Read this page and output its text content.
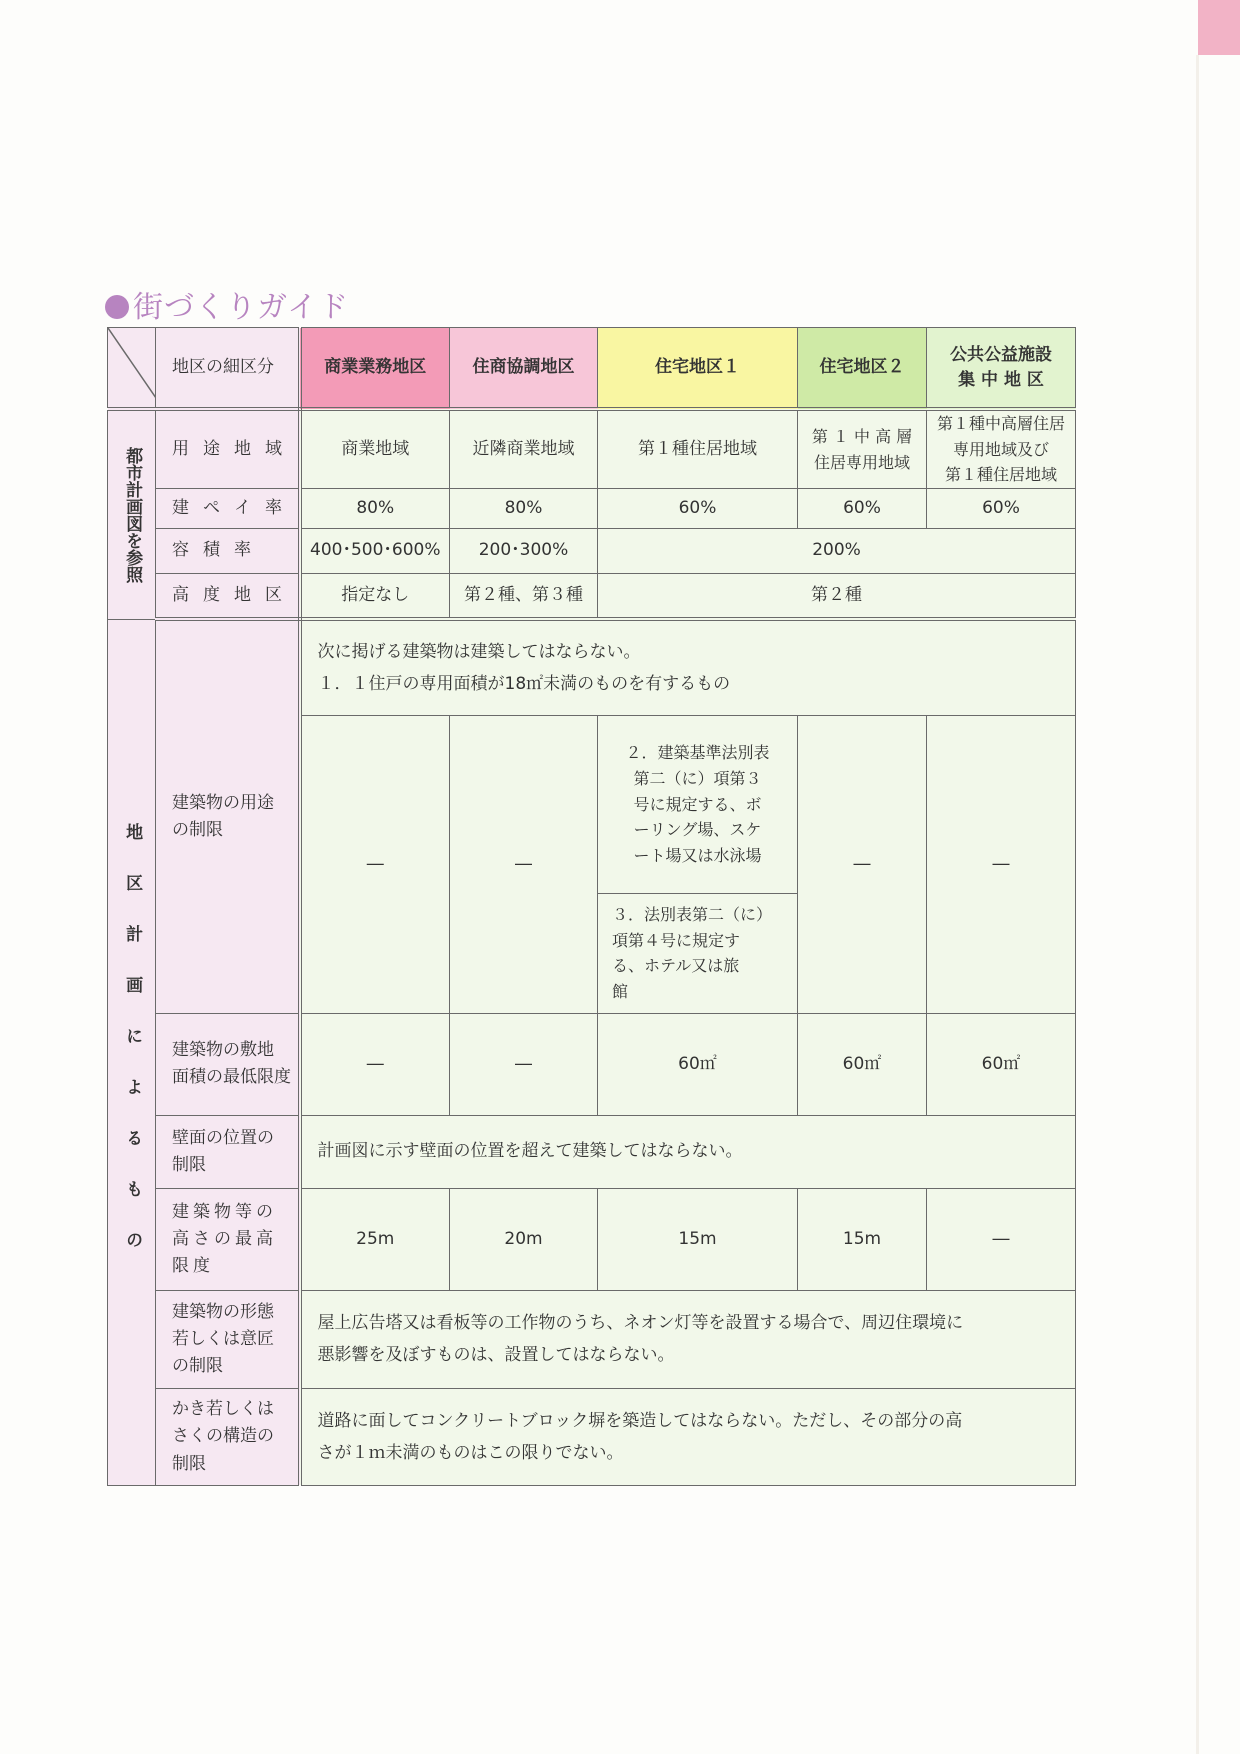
街づくりガイド
	地区の細区分	商業業務地区	住商協調地区	住宅地区１	住宅地区２	公共公益施設
集 中 地 区

都市計画図を参照	用途地域	商業地域	近隣商業地域	第１種住居地域	第 １ 中 高 層
住居専用地域	第１種中高層住居
専用地域及び
第１種住居地域
	建ペイ率	80%	80%	60%	60%	60%
	容積率	400･500･600%	200･300%	200%		
	高度地区	指定なし	第２種、第３種	第２種		

地区計画によるもの	建築物の用途
の制限	次に掲げる建築物は建築してはならない。
１．１住戸の専用面積が18㎡未満のものを有するもの				
		―	―	２．建築基準法別表
第二（に）項第３
号に規定する、ボ
ーリング場、スケ
ート場又は水泳場	―	―
				３．法別表第二（に）
項第４号に規定す
る、ホテル又は旅
館		
	建築物の敷地
面積の最低限度	―	―	60㎡	60㎡	60㎡
	壁面の位置の
制限	計画図に示す壁面の位置を超えて建築してはならない。				
	建築物等の
高さの最高
限度	25m	20m	15m	15m	―
	建築物の形態
若しくは意匠
の制限	屋上広告塔又は看板等の工作物のうち、ネオン灯等を設置する場合で、周辺住環境に
悪影響を及ぼすものは、設置してはならない。				
	かき若しくは
さくの構造の
制限	道路に面してコンクリートブロック塀を築造してはならない。ただし、その部分の高
さが１ｍ未満のものはこの限りでない。				
